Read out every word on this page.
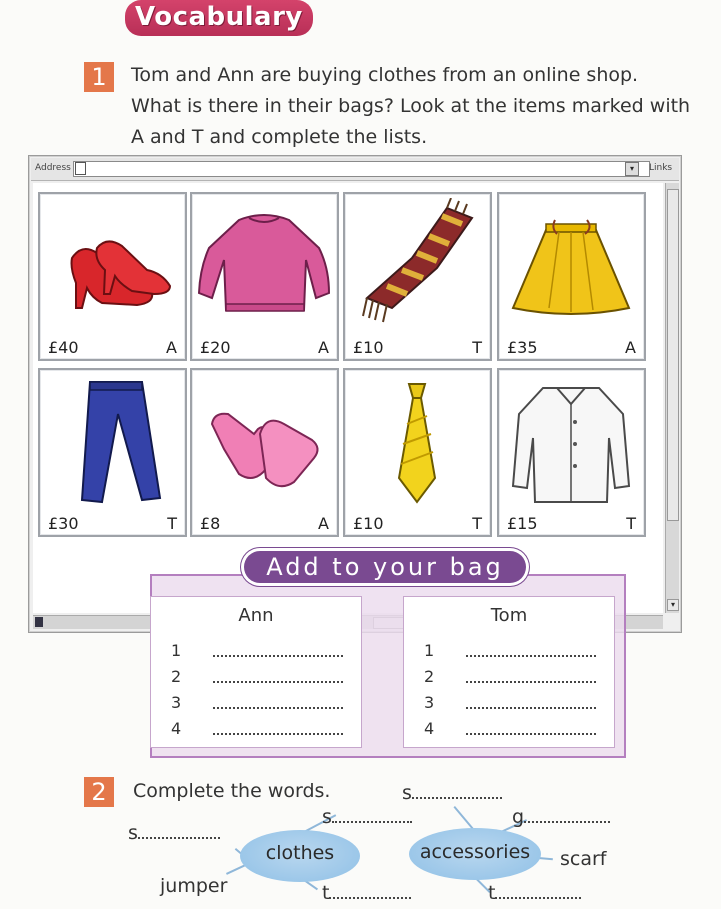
Vocabulary
1	Tom and Ann are buying clothes from an online shop. What is there in their bags? Look at the items marked with A and T and complete the lists.
Address	▾	Links
▾
£40	A £20	A £10	T £35	A
£30	T £8	A £10	T £15	T
Add to your bag
Ann
1
2
3
4
Tom
1
2
3
4
2	Complete the words.
clothes	accessories
s
s	g
s
scarf
jumper	t	t
